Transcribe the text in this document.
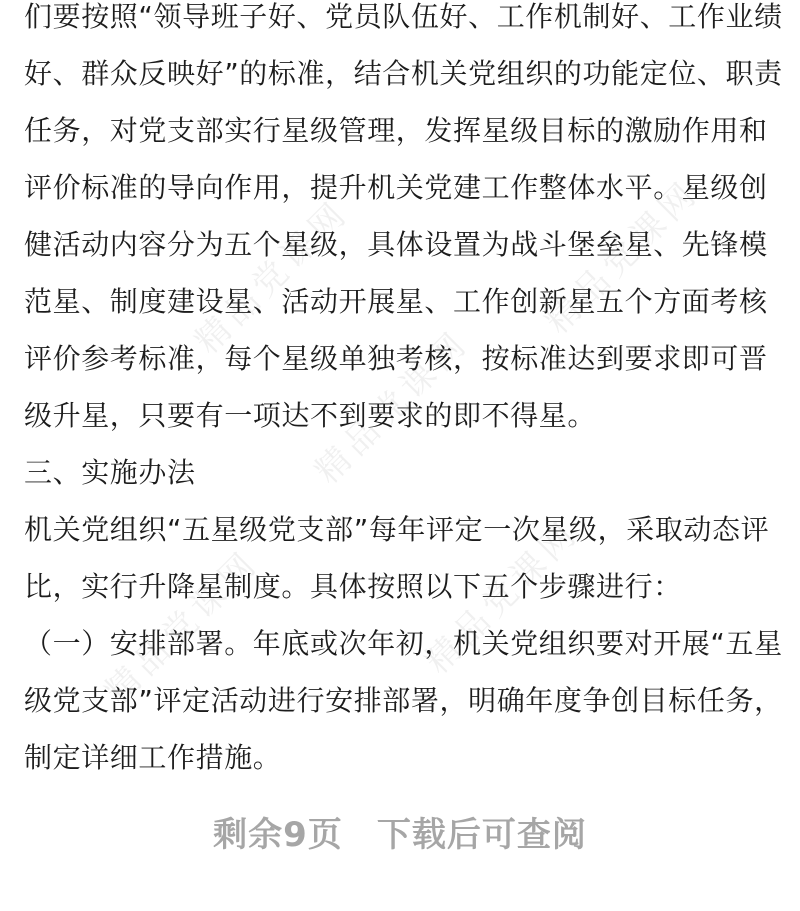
精品党课网
精品党课网
精品党课网
精品党课网
精品党课网
们要按照“领导班子好、党员队伍好、工作机制好、工作业绩
好、群众反映好”的标准，结合机关党组织的功能定位、职责
任务，对党支部实行星级管理，发挥星级目标的激励作用和
评价标准的导向作用，提升机关党建工作整体水平。星级创
健活动内容分为五个星级，具体设置为战斗堡垒星、先锋模
范星、制度建设星、活动开展星、工作创新星五个方面考核
评价参考标准，每个星级单独考核，按标准达到要求即可晋
级升星，只要有一项达不到要求的即不得星。
三、实施办法
机关党组织“五星级党支部”每年评定一次星级，采取动态评
比，实行升降星制度。具体按照以下五个步骤进行：
（一）安排部署。年底或次年初，机关党组织要对开展“五星
级党支部”评定活动进行安排部署，明确年度争创目标任务，
制定详细工作措施。
剩余9页 下载后可查阅
